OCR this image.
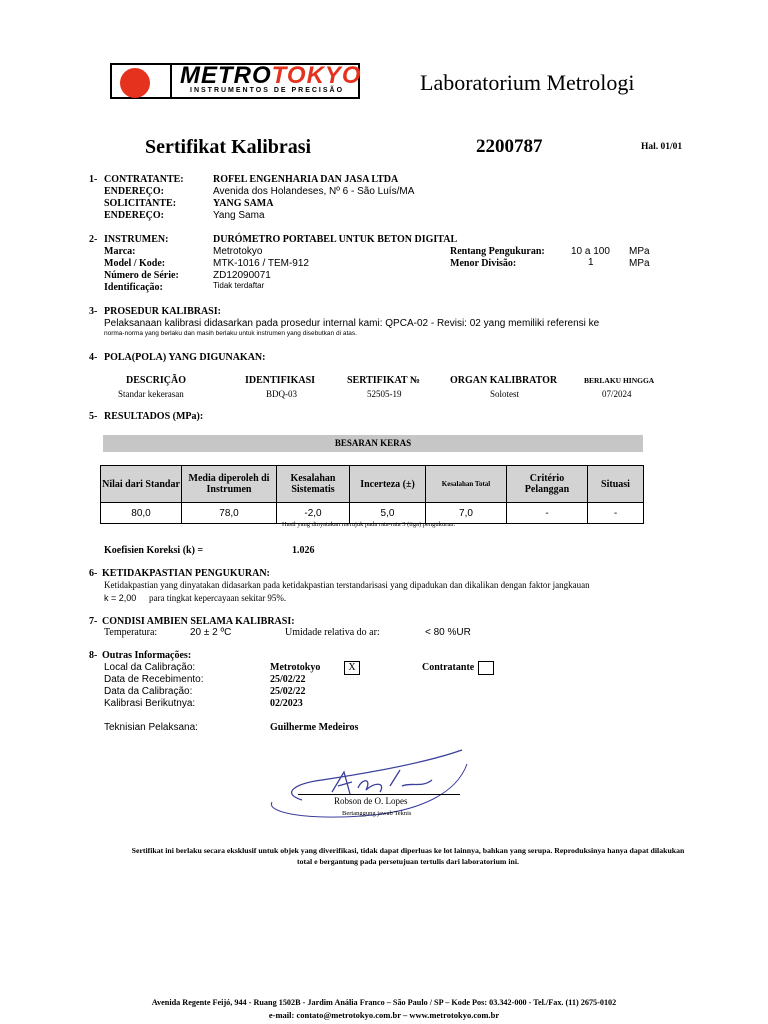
METROTOKYO
INSTRUMENTOS DE PRECISÃO	Laboratorium Metrologi
Sertifikat Kalibrasi	2200787	Hal. 01/01
1- CONTRATANTE:	ROFEL ENGENHARIA DAN JASA LTDA
ENDEREÇO:	Avenida dos Holandeses, Nº 6 - São Luís/MA
SOLICITANTE:	YANG SAMA
ENDEREÇO:	Yang Sama
2- INSTRUMEN:	DURÓMETRO PORTABEL UNTUK BETON DIGITAL
Marca:	Metrotokyo
Model / Kode:	MTK-1016 / TEM-912
Número de Série:	ZD12090071
Identificação:	Tidak terdaftar
Rentang Pengukuran:	10 a 100 MPa
Menor Divisão:	1	MPa
3- PROSEDUR KALIBRASI:
Pelaksanaan kalibrasi didasarkan pada prosedur internal kami: QPCA-02 - Revisi: 02 yang memiliki referensi ke
norma-norma yang berlaku dan masih berlaku untuk instrumen yang disebutkan di atas.
4- POLA(POLA) YANG DIGUNAKAN:
DESCRIÇÃO	IDENTIFIKASI	SERTIFIKAT №	ORGAN KALIBRATOR	BERLAKU HINGGA
Standar kekerasan	BDQ-03	52505-19	Solotest	07/2024
5- RESULTADOS (MPa):
BESARAN KERAS
Nilai dari Standar	Media diperoleh di Instrumen	Kesalahan Sistematis	Incerteza (±)	Kesalahan Total	Critério Pelanggan	Situasi
80,0	78,0	-2,0	5,0	7,0	-	-
Hasil yang dinyatakan merujuk pada rata-rata 3 (tiga) pengukuran.
Koefisien Koreksi (k) =	1.026
6- KETIDAKPASTIAN PENGUKURAN:
Ketidakpastian yang dinyatakan didasarkan pada ketidakpastian terstandarisasi yang dipadukan dan dikalikan dengan faktor jangkauan
k = 2,00 para tingkat kepercayaan sekitar 95%.
7- CONDISI AMBIEN SELAMA KALIBRASI:
Temperatura:	20 ± 2 ºC	Umidade relativa do ar:	< 80 %UR
8- Outras Informações:
Local da Calibração:	Metrotokyo	X	Contratante
Data de Recebimento:	25/02/22
Data da Calibração:	25/02/22
Kalibrasi Berikutnya:	02/2023
Teknisian Pelaksana:	Guilherme Medeiros
Robson de O. Lopes
Bertanggung jawab Teknis
Sertifikat ini berlaku secara eksklusif untuk objek yang diverifikasi, tidak dapat diperluas ke lot lainnya, bahkan yang serupa. Reproduksinya hanya dapat dilakukan
total e bergantung pada persetujuan tertulis dari laboratorium ini.
Avenida Regente Feijó, 944 - Ruang 1502B - Jardim Anália Franco – São Paulo / SP – Kode Pos: 03.342-000 - Tel./Fax. (11) 2675-0102
e-mail: contato@metrotokyo.com.br – www.metrotokyo.com.br
